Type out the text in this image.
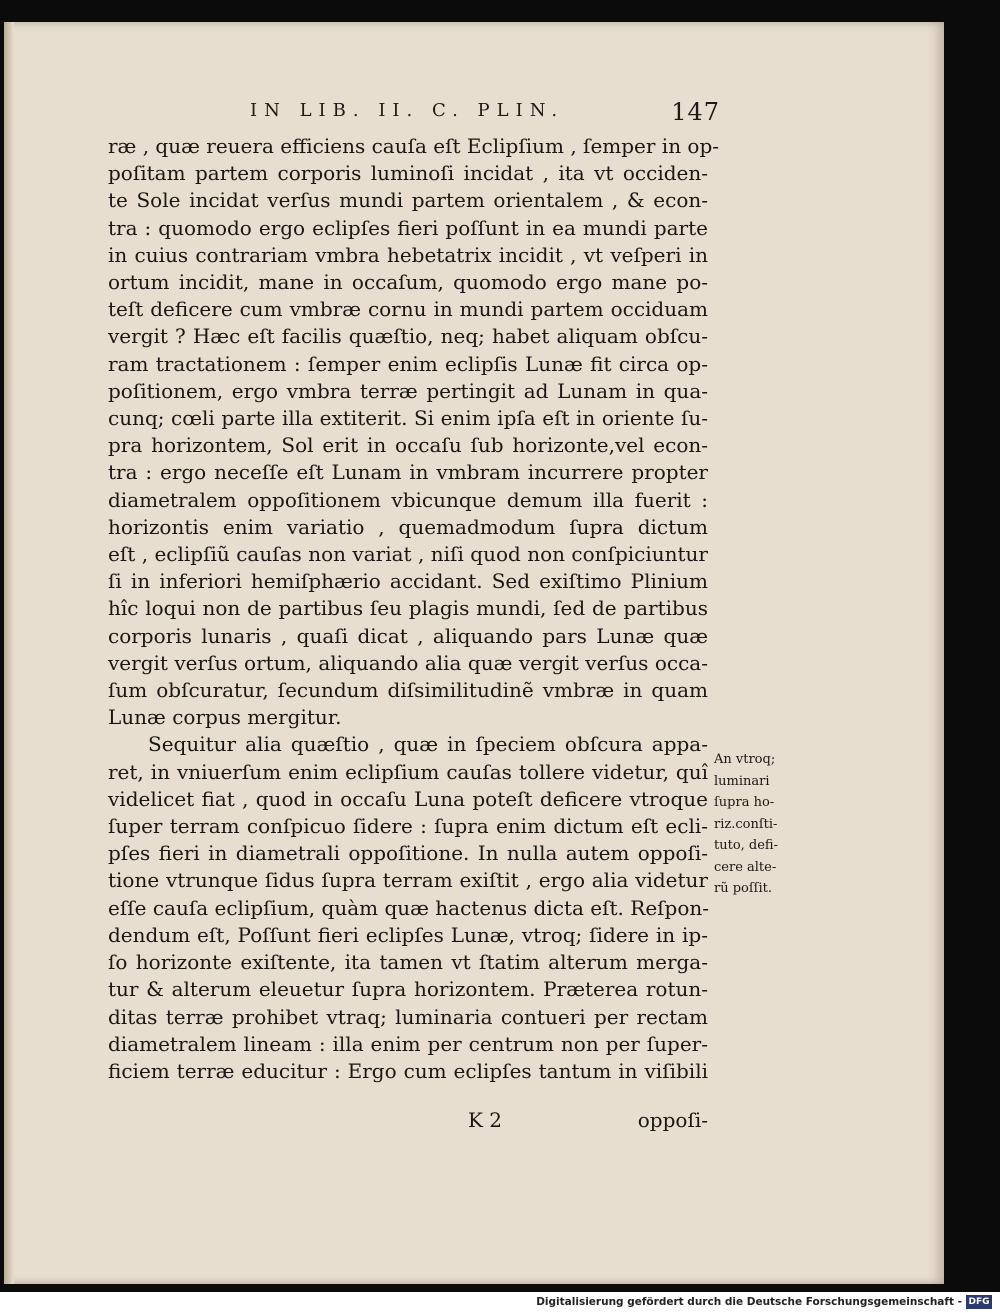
IN LIB. II. C. PLIN.	147
ræ , quæ reuera efficiens cauſa eſt Eclipſium , ſemper in op-
poſitam partem corporis luminoſi incidat , ita vt occiden-
te Sole incidat verſus mundi partem orientalem , & econ-
tra : quomodo ergo eclipſes fieri poſſunt in ea mundi parte
in cuius contrariam vmbra hebetatrix incidit , vt veſperi in
ortum incidit, mane in occaſum, quomodo ergo mane po-
teſt deficere cum vmbræ cornu in mundi partem occiduam
vergit ? Hæc eſt facilis quæſtio, neq; habet aliquam obſcu-
ram tractationem : ſemper enim eclipſis Lunæ fit circa op-
poſitionem, ergo vmbra terræ pertingit ad Lunam in qua-
cunq; cœli parte illa extiterit. Si enim ipſa eſt in oriente ſu-
pra horizontem, Sol erit in occaſu ſub horizonte,vel econ-
tra : ergo neceſſe eſt Lunam in vmbram incurrere propter
diametralem oppoſitionem vbicunque demum illa fuerit :
horizontis enim variatio , quemadmodum ſupra dictum
eſt , eclipſiũ cauſas non variat , niſi quod non conſpiciuntur
ſi in inferiori hemiſphærio accidant. Sed exiſtimo Plinium
hîc loqui non de partibus ſeu plagis mundi, ſed de partibus
corporis lunaris , quaſi dicat , aliquando pars Lunæ quæ
vergit verſus ortum, aliquando alia quæ vergit verſus occa-
ſum obſcuratur, ſecundum diſsimilitudinẽ vmbræ in quam
Lunæ corpus mergitur.
Sequitur alia quæſtio , quæ in ſpeciem obſcura appa-
ret, in vniuerſum enim eclipſium cauſas tollere videtur, quî
videlicet fiat , quod in occaſu Luna poteſt deficere vtroque
ſuper terram conſpicuo ſidere : ſupra enim dictum eſt ecli-
pſes fieri in diametrali oppoſitione. In nulla autem oppoſi-
tione vtrunque ſidus ſupra terram exiſtit , ergo alia videtur
eſſe cauſa eclipſium, quàm quæ hactenus dicta eſt. Reſpon-
dendum eſt, Poſſunt fieri eclipſes Lunæ, vtroq; ſidere in ip-
ſo horizonte exiſtente, ita tamen vt ſtatim alterum merga-
tur & alterum eleuetur ſupra horizontem. Præterea rotun-
ditas terræ prohibet vtraq; luminaria contueri per rectam
diametralem lineam : illa enim per centrum non per ſuper-
ficiem terræ educitur : Ergo cum eclipſes tantum in viſibili
An vtroq;
luminari
ſupra ho-
riz.conſti-
tuto, defi-
cere alte-
rũ poſſit.
K 2	oppoſi-
Digitalisierung gefördert durch die Deutsche Forschungsgemeinschaft - DFG
